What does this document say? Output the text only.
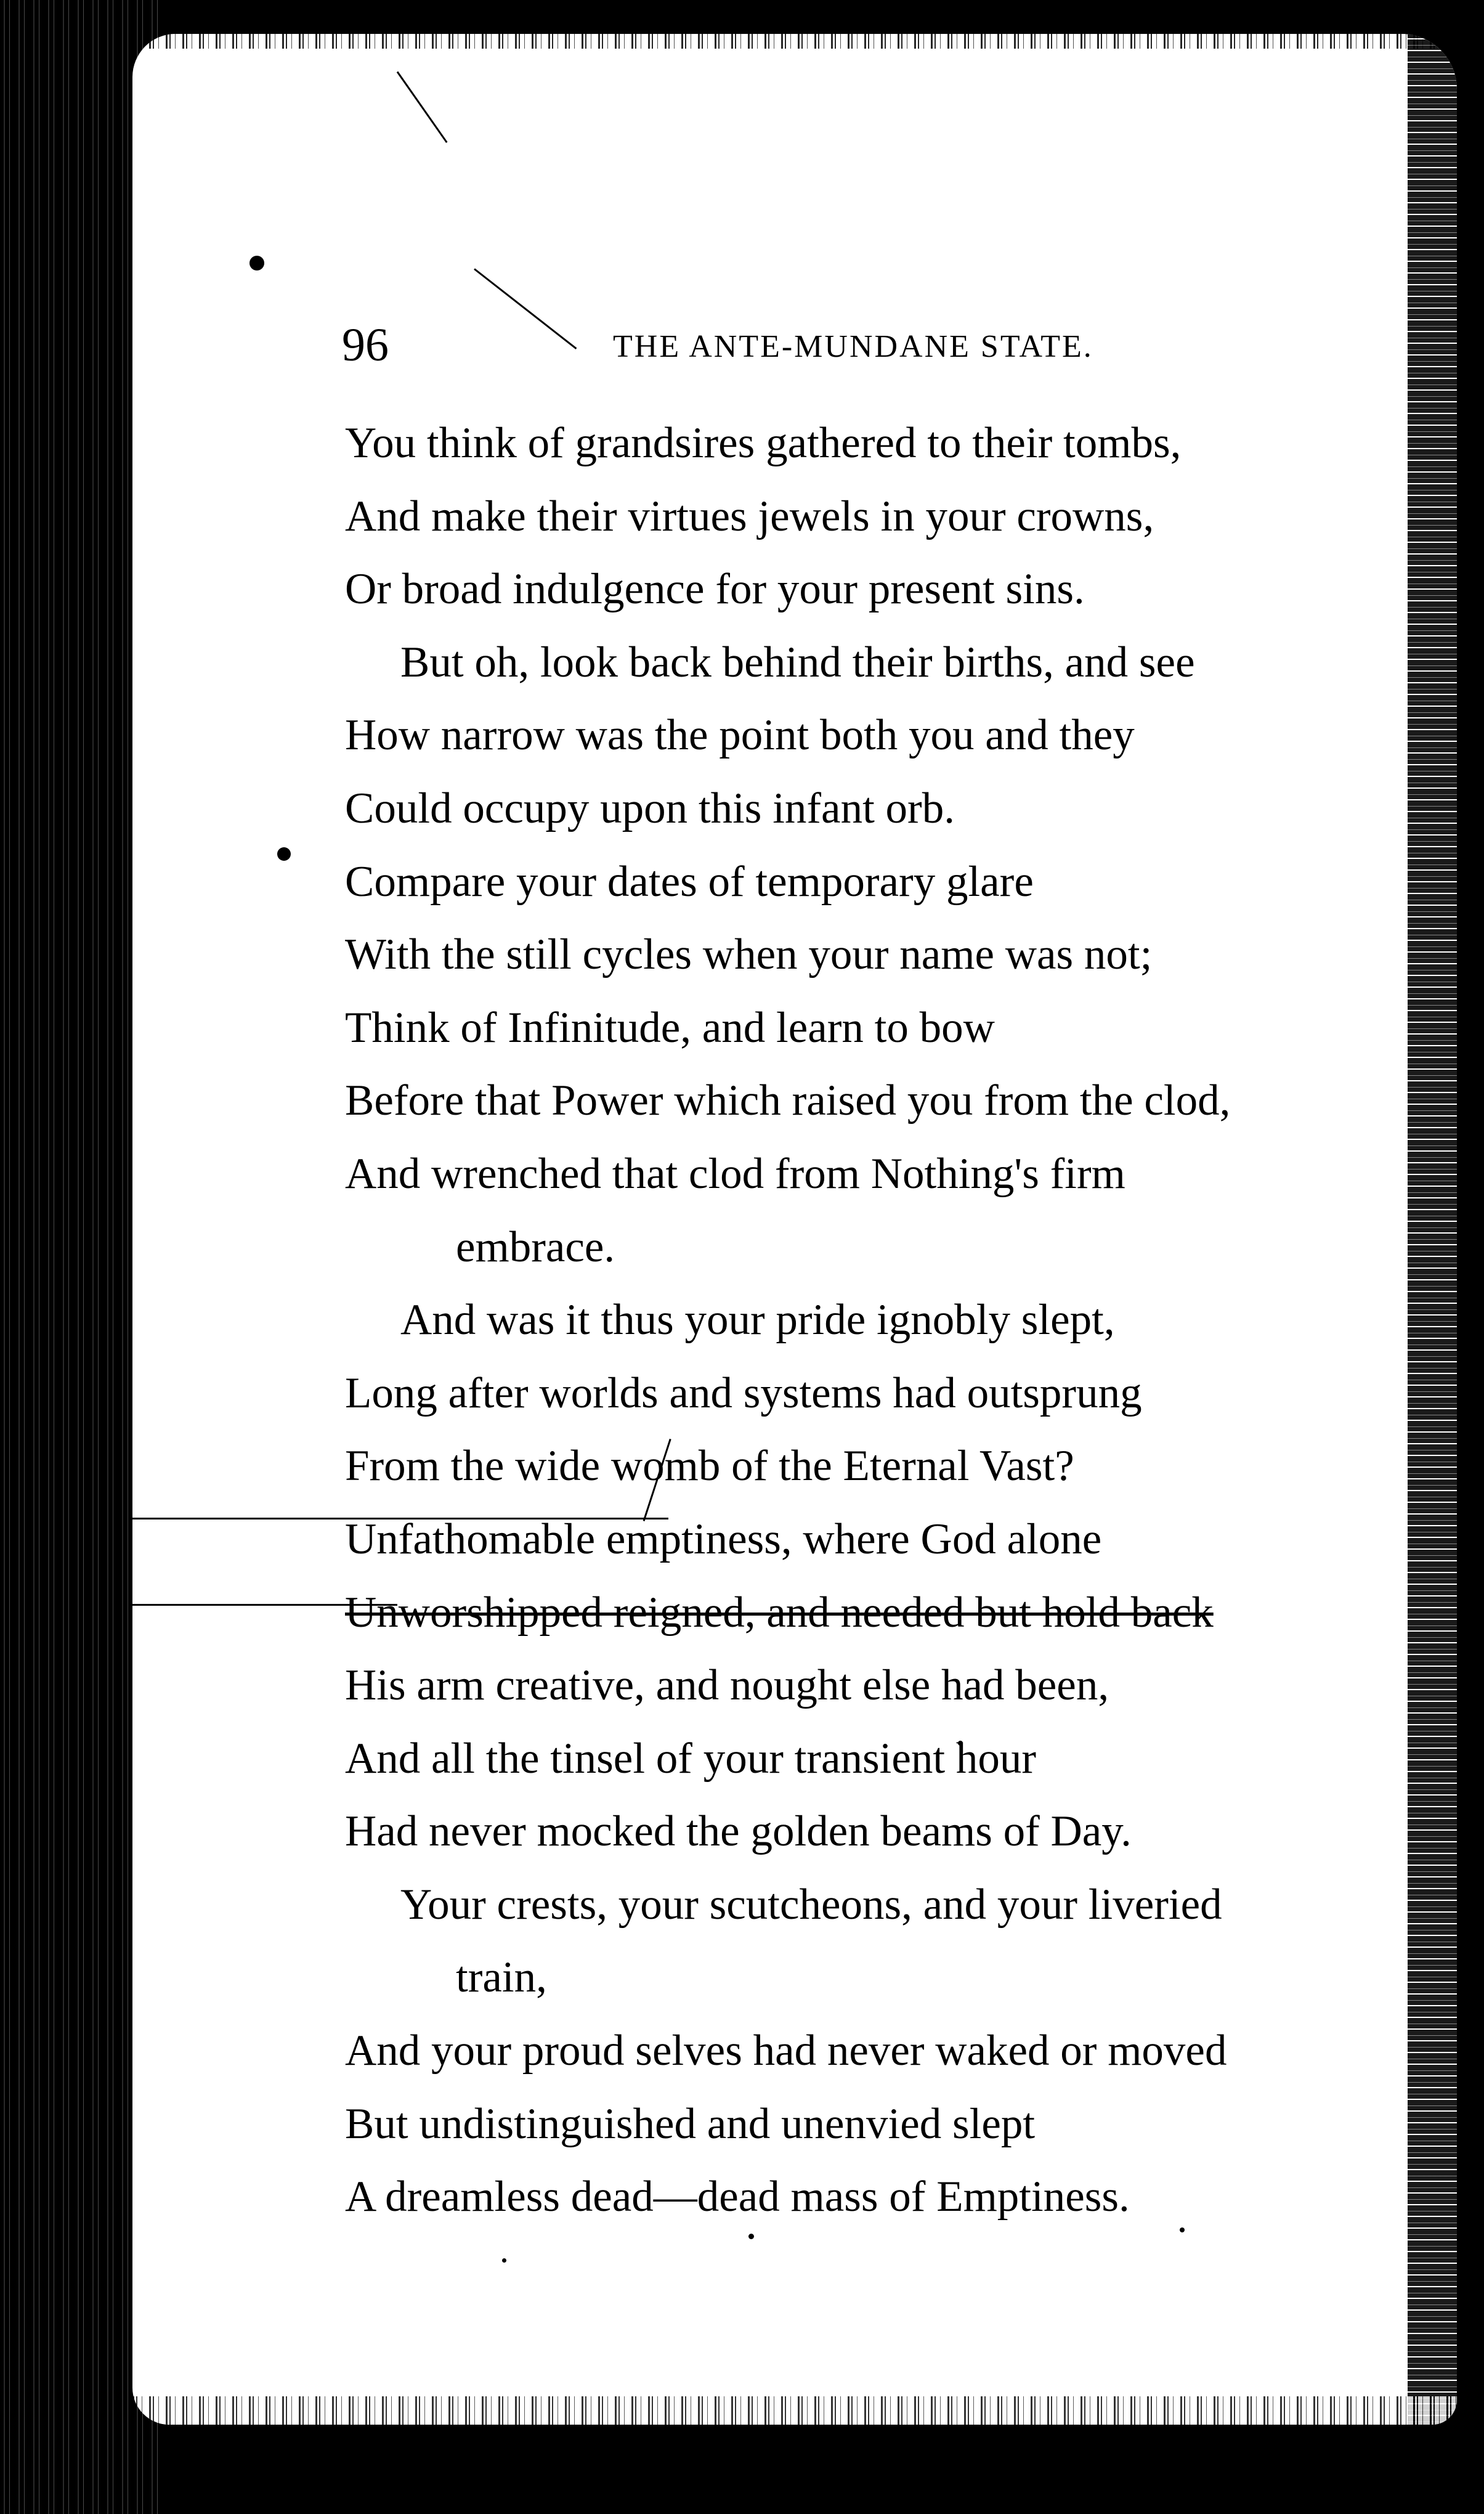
96	THE ANTE-MUNDANE STATE.
You think of grandsires gathered to their tombs,
And make their virtues jewels in your crowns,
Or broad indulgence for your present sins.
But oh, look back behind their births, and see
How narrow was the point both you and they
Could occupy upon this infant orb.
Compare your dates of temporary glare
With the still cycles when your name was not;
Think of Infinitude, and learn to bow
Before that Power which raised you from the clod,
And wrenched that clod from Nothing's firm
embrace.
And was it thus your pride ignobly slept,
Long after worlds and systems had outsprung
From the wide womb of the Eternal Vast?
Unfathomable emptiness, where God alone
Unworshipped reigned, and needed but hold back
His arm creative, and nought else had been,
And all the tinsel of your transient hour
Had never mocked the golden beams of Day.
Your crests, your scutcheons, and your liveried
train,
And your proud selves had never waked or moved
But undistinguished and unenvied slept
A dreamless dead—dead mass of Emptiness.
